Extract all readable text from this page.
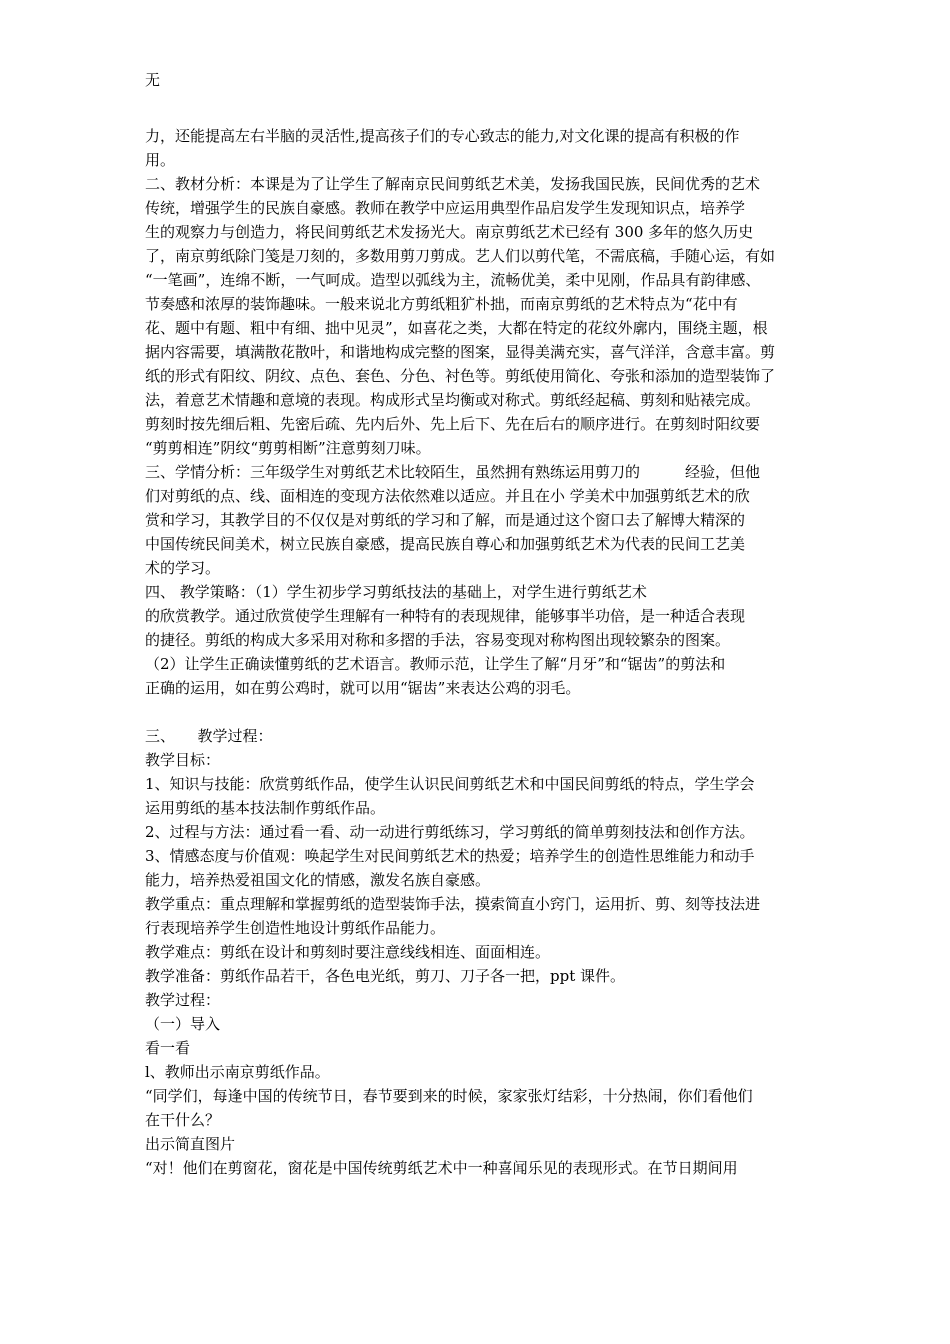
无
力，还能提高左右半脑的灵活性,提高孩子们的专心致志的能力,对文化课的提高有积极的作
用。
二、教材分析：本课是为了让学生了解南京民间剪纸艺术美，发扬我国民族，民间优秀的艺术
传统，增强学生的民族自豪感。教师在教学中应运用典型作品启发学生发现知识点，培养学
生的观察力与创造力，将民间剪纸艺术发扬光大。南京剪纸艺术已经有 300 多年的悠久历史
了，南京剪纸除门笺是刀刻的，多数用剪刀剪成。艺人们以剪代笔，不需底稿，手随心运，有如
“一笔画”，连绵不断，一气呵成。造型以弧线为主，流畅优美，柔中见刚，作品具有韵律感、
节奏感和浓厚的装饰趣味。一般来说北方剪纸粗犷朴拙，而南京剪纸的艺术特点为“花中有
花、题中有题、粗中有细、拙中见灵”，如喜花之类，大都在特定的花纹外廓内，围绕主题，根
据内容需要，填满散花散叶，和谐地构成完整的图案，显得美满充实，喜气洋洋，含意丰富。剪
纸的形式有阳纹、阴纹、点色、套色、分色、衬色等。剪纸使用简化、夸张和添加的造型装饰了
法，着意艺术情趣和意境的表现。构成形式呈均衡或对称式。剪纸经起稿、剪刻和贴裱完成。
剪刻时按先细后粗、先密后疏、先内后外、先上后下、先在后右的顺序进行。在剪刻时阳纹要
“剪剪相连”阴纹“剪剪相断”注意剪刻刀味。
三、学情分析：三年级学生对剪纸艺术比较陌生，虽然拥有熟练运用剪刀的　　　经验，但他
们对剪纸的点、线、面相连的变现方法依然难以适应。并且在小 学美术中加强剪纸艺术的欣
赏和学习，其教学目的不仅仅是对剪纸的学习和了解，而是通过这个窗口去了解博大精深的
中国传统民间美术，树立民族自豪感，提高民族自尊心和加强剪纸艺术为代表的民间工艺美
术的学习。
四、 教学策略：（1）学生初步学习剪纸技法的基础上，对学生进行剪纸艺术
的欣赏教学。通过欣赏使学生理解有一种特有的表现规律，能够事半功倍，是一种适合表现
的捷径。剪纸的构成大多采用对称和多摺的手法，容易变现对称构图出现较繁杂的图案。
（2）让学生正确读懂剪纸的艺术语言。教师示范，让学生了解“月牙”和“锯齿”的剪法和
正确的运用，如在剪公鸡时，就可以用“锯齿”来表达公鸡的羽毛。
三、　　教学过程：
教学目标：
1、知识与技能：欣赏剪纸作品，使学生认识民间剪纸艺术和中国民间剪纸的特点，学生学会
运用剪纸的基本技法制作剪纸作品。
2、过程与方法：通过看一看、动一动进行剪纸练习，学习剪纸的简单剪刻技法和创作方法。
3、情感态度与价值观：唤起学生对民间剪纸艺术的热爱；培养学生的创造性思维能力和动手
能力，培养热爱祖国文化的情感，激发名族自豪感。
教学重点：重点理解和掌握剪纸的造型装饰手法，摸索简直小窍门，运用折、剪、刻等技法进
行表现培养学生创造性地设计剪纸作品能力。
教学难点：剪纸在设计和剪刻时要注意线线相连、面面相连。
教学准备：剪纸作品若干，各色电光纸，剪刀、刀子各一把，ppt 课件。
教学过程：
（一）导入
看一看
l、教师出示南京剪纸作品。
“同学们，每逢中国的传统节日，春节要到来的时候，家家张灯结彩，十分热闹，你们看他们
在干什么？
出示简直图片
“对！他们在剪窗花，窗花是中国传统剪纸艺术中一种喜闻乐见的表现形式。在节日期间用
